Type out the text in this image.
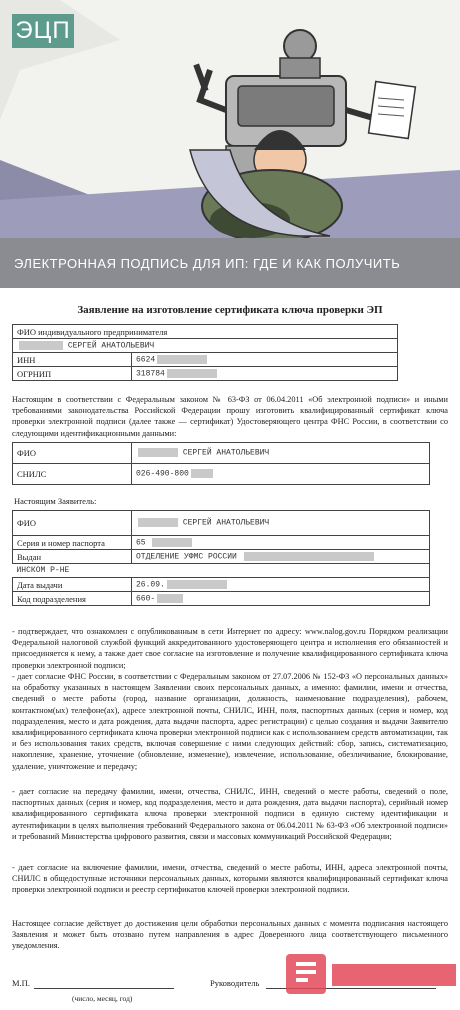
ЭЦП
ЭЛЕКТРОННАЯ ПОДПИСЬ ДЛЯ ИП: ГДЕ И КАК ПОЛУЧИТЬ
Заявление на изготовление сертификата ключа проверки ЭП
ФИО индивидуального предпринимателя	
СЕРГЕЙ АНАТОЛЬЕВИЧ	
ИНН	6624
ОГРНИП	318784
Настоящим в соответствии с Федеральным законом № 63-ФЗ от 06.04.2011 «Об электронной подписи» и иными требованиями законодательства Российской Федерации прошу изготовить квалифицированный сертификат ключа проверки электронной подписи (далее также — сертификат) Удостоверяющего центра ФНС России, в соответствии со следующими идентификационными данными:
ФИО	СЕРГЕЙ АНАТОЛЬЕВИЧ
СНИЛС	026-490-800
Настоящим Заявитель:
ФИО	СЕРГЕЙ АНАТОЛЬЕВИЧ
Серия и номер паспорта	65
Выдан	ОТДЕЛЕНИЕ УФМС РОССИИ
ИНСКОМ Р-НЕ	
Дата выдачи	26.09.
Код подразделения	660-
- подтверждает, что ознакомлен с опубликованным в сети Интернет по адресу: www.nalog.gov.ru Порядком реализации Федеральной налоговой службой функций аккредитованного удостоверяющего центра и исполнения его обязанностей и присоединяется к нему, а также дает свое согласие на изготовление и получение квалифицированного сертификата ключа проверки электронной подписи;
- дает согласие ФНС России, в соответствии с Федеральным законом от 27.07.2006 № 152-ФЗ «О персональных данных» на обработку указанных в настоящем Заявлении своих персональных данных, а именно: фамилии, имени и отчества, сведений о месте работы (город, название организации, должность, наименование подразделения), рабочем, контактном(ых) телефоне(ах), адресе электронной почты, СНИЛС, ИНН, поля, паспортных данных (серия и номер, код подразделения, место и дата рождения, дата выдачи паспорта, адрес регистрации) с целью создания и выдачи Заявителю квалифицированного сертификата ключа проверки электронной подписи как с использованием средств автоматизации, так и без использования таких средств, включая совершение с ними следующих действий: сбор, запись, систематизацию, накопление, хранение, уточнение (обновление, изменение), извлечение, использование, обезличивание, блокирование, удаление, уничтожение и передачу;
- дает согласие на передачу фамилии, имени, отчества, СНИЛС, ИНН, сведений о месте работы, сведений о поле, паспортных данных (серия и номер, код подразделения, место и дата рождения, дата выдачи паспорта), серийный номер квалифицированного сертификата ключа проверки электронной подписи в единую систему идентификации и аутентификации в целях выполнения требований Федерального закона от 06.04.2011 № 63-ФЗ «Об электронной подписи» и требований Министерства цифрового развития, связи и массовых коммуникаций Российской Федерации;
- дает согласие на включение фамилии, имени, отчества, сведений о месте работы, ИНН, адреса электронной почты, СНИЛС в общедоступные источники персональных данных, которыми являются квалифицированный сертификат ключа проверки электронной подписи и реестр сертификатов ключей проверки электронной подписи.
Настоящее согласие действует до достижения цели обработки персональных данных с момента подписания настоящего Заявления и может быть отозвано путем направления в адрес Доверенного лица соответствующего письменного уведомления.
М.П.	Руководитель
(число, месяц, год)
